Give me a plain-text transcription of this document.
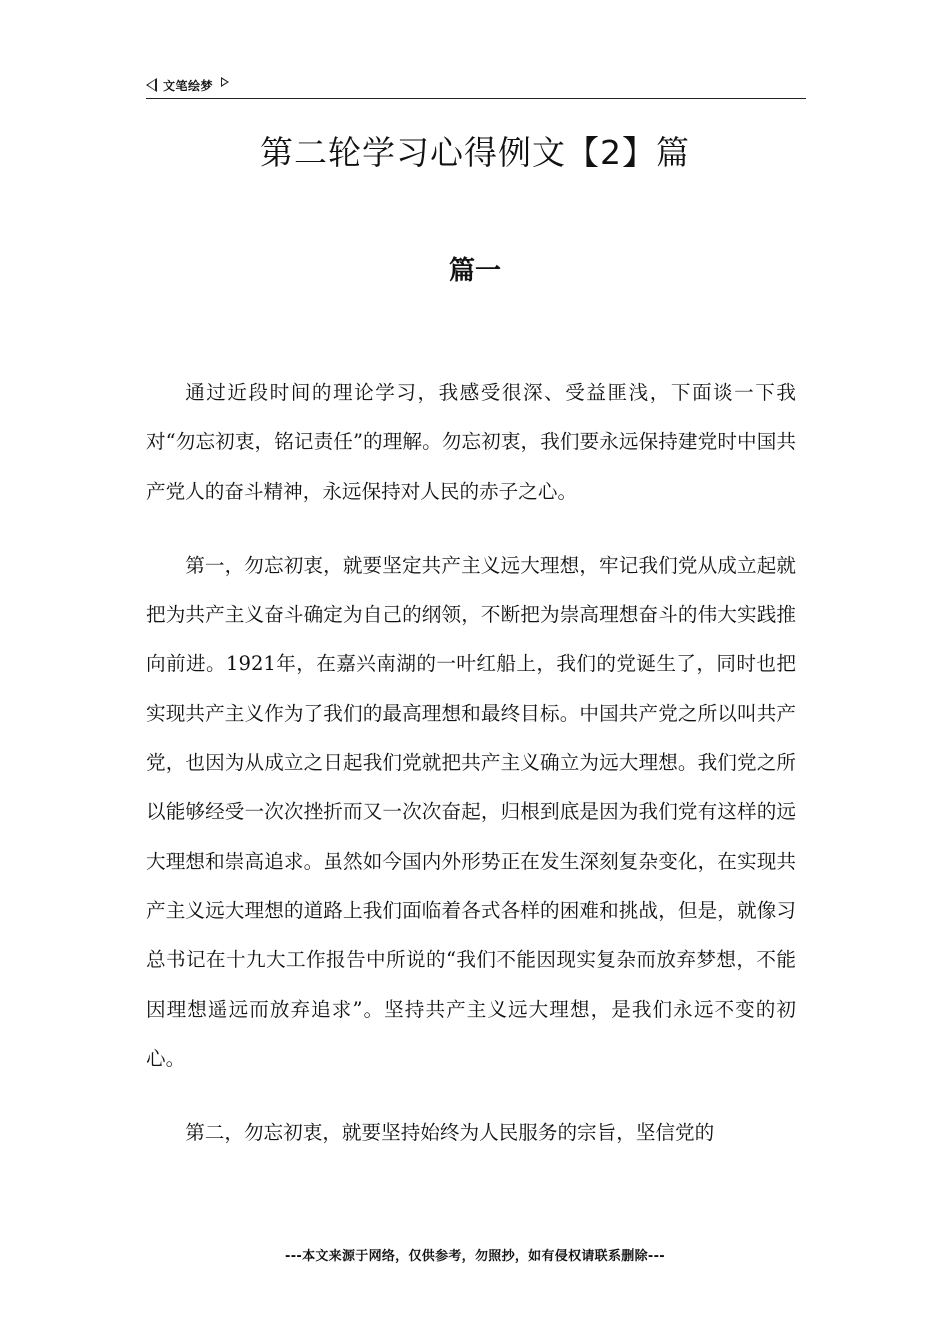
文笔绘梦
第二轮学习心得例文【2】篇
篇一

通过近段时间的理论学习，我感受很深、受益匪浅，下面谈一下我对“勿忘初衷，铭记责任”的理解。勿忘初衷，我们要永远保持建党时中国共产党人的奋斗精神，永远保持对人民的赤子之心。

第一，勿忘初衷，就要坚定共产主义远大理想，牢记我们党从成立起就把为共产主义奋斗确定为自己的纲领，不断把为崇高理想奋斗的伟大实践推向前进。1921年，在嘉兴南湖的一叶红船上，我们的党诞生了，同时也把实现共产主义作为了我们的最高理想和最终目标。中国共产党之所以叫共产党，也因为从成立之日起我们党就把共产主义确立为远大理想。我们党之所以能够经受一次次挫折而又一次次奋起，归根到底是因为我们党有这样的远大理想和崇高追求。虽然如今国内外形势正在发生深刻复杂变化，在实现共产主义远大理想的道路上我们面临着各式各样的困难和挑战，但是，就像习总书记在十九大工作报告中所说的“我们不能因现实复杂而放弃梦想，不能因理想遥远而放弃追求”。坚持共产主义远大理想，是我们永远不变的初心。

第二，勿忘初衷，就要坚持始终为人民服务的宗旨，坚信党的

---本文来源于网络，仅供参考，勿照抄，如有侵权请联系删除---
